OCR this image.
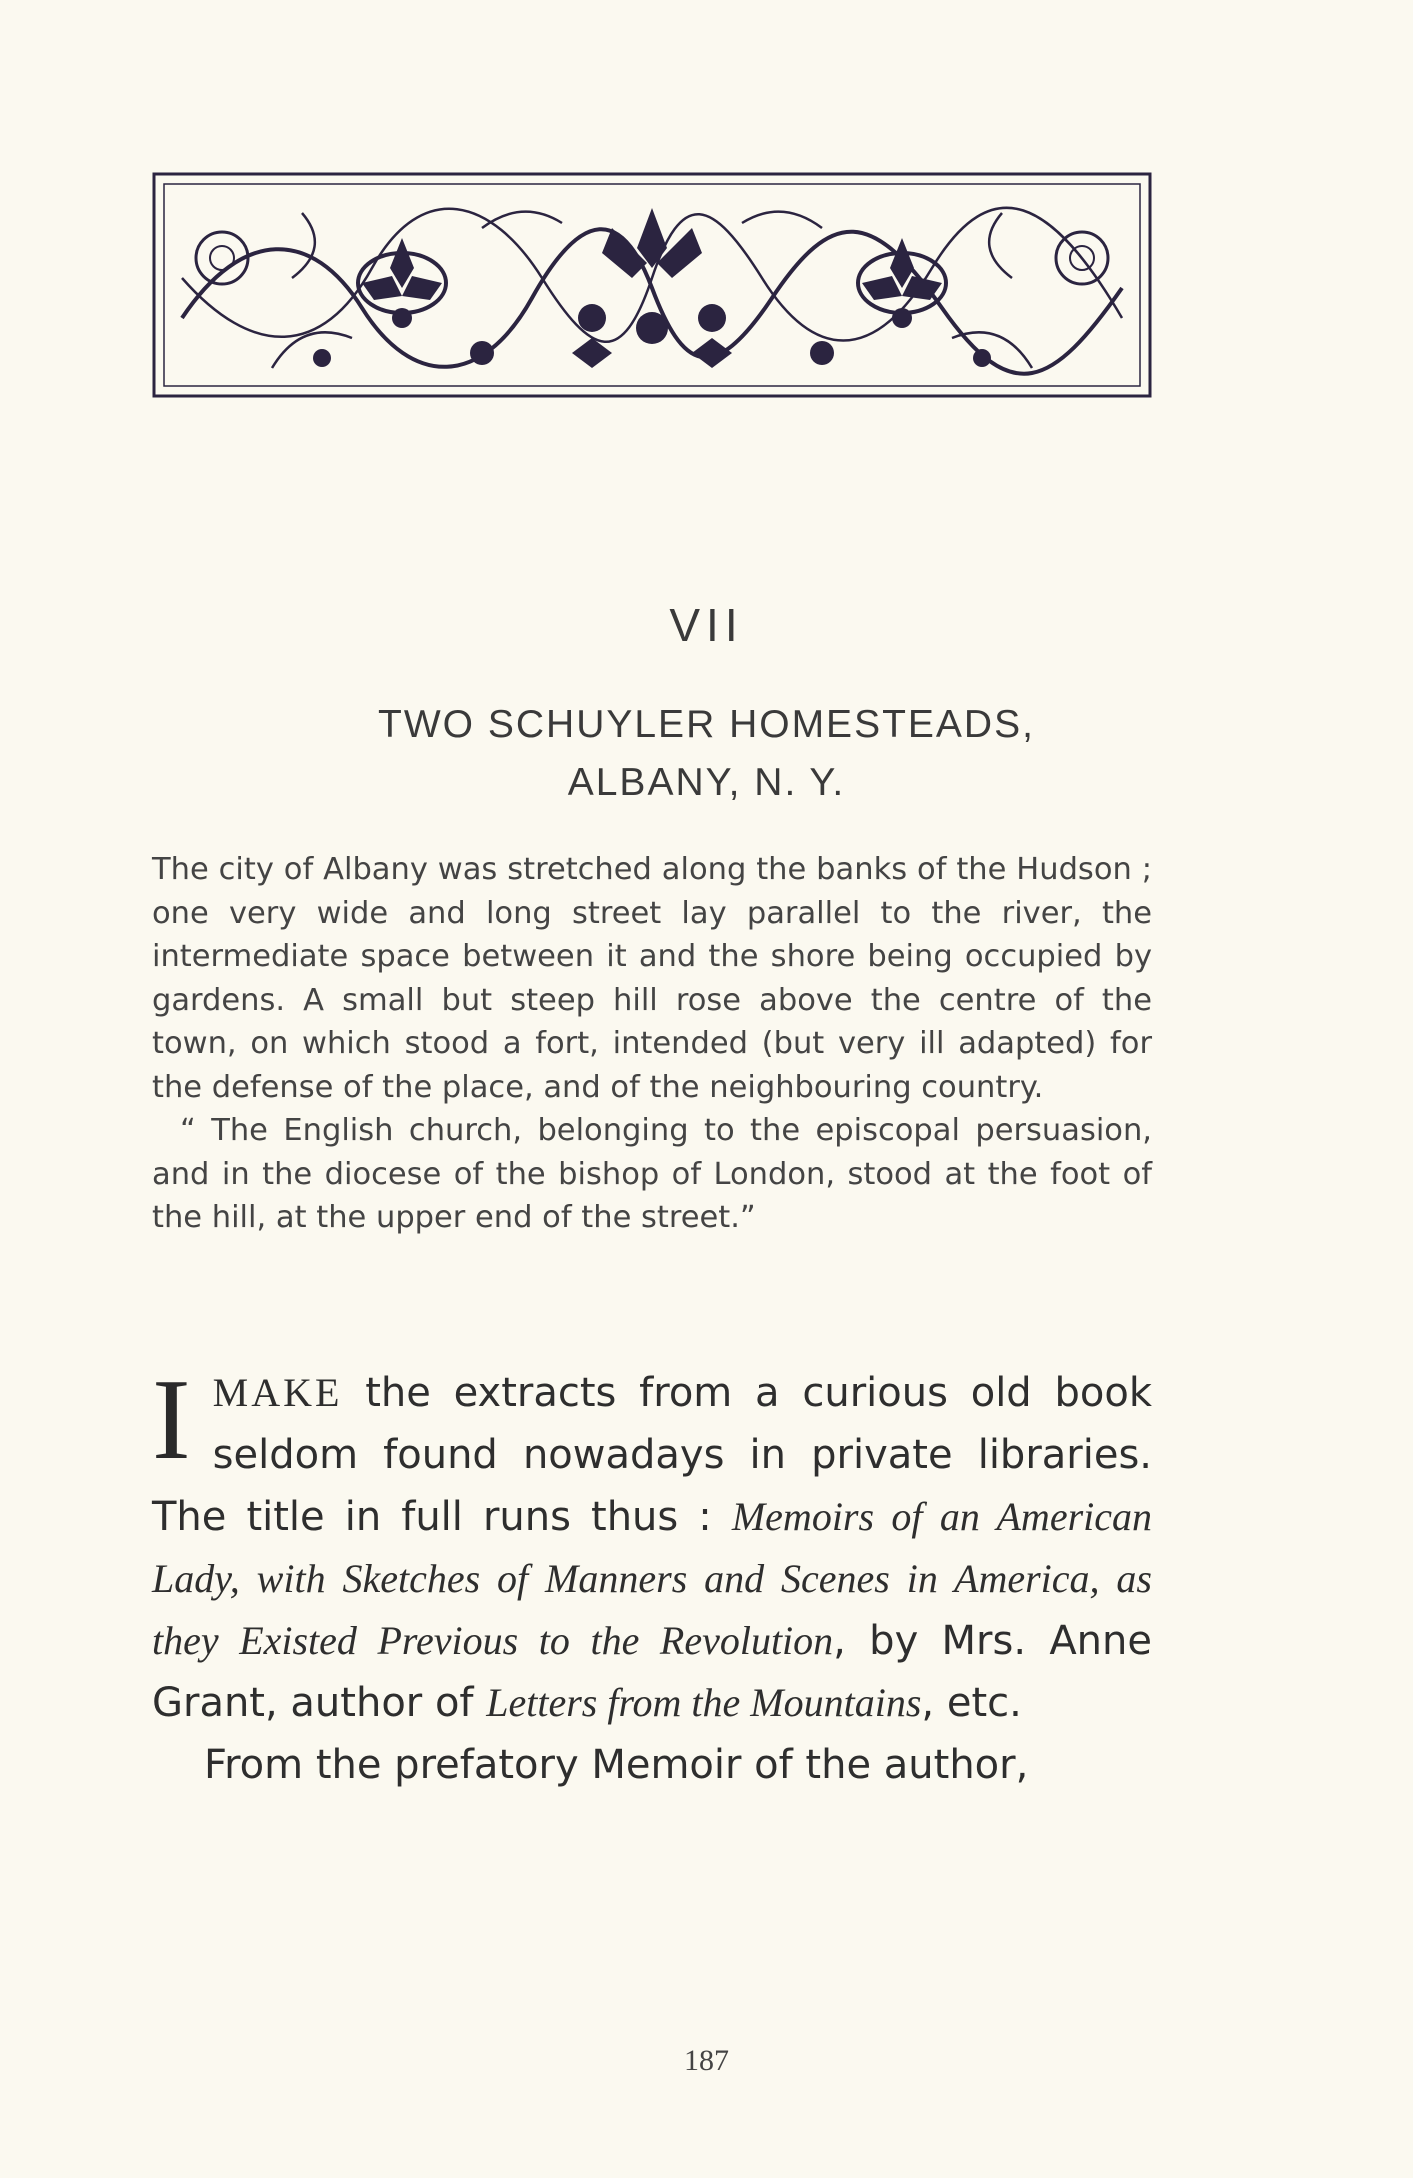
VII
TWO SCHUYLER HOMESTEADS,
ALBANY, N. Y.

The city of Albany was stretched along the banks of the Hudson ; one very wide and long street lay parallel to the river, the intermediate space between it and the shore being occupied by gardens. A small but steep hill rose above the centre of the town, on which stood a fort, intended (but very ill adapted) for the defense of the place, and of the neighbouring country.

“ The English church, belonging to the episcopal persuasion, and in the diocese of the bishop of London, stood at the foot of the hill, at the upper end of the street.”

IMAKE the extracts from a curious old book seldom found nowadays in private libraries. The title in full runs thus : Memoirs of an American Lady, with Sketches of Manners and Scenes in America, as they Existed Previous to the Revolution, by Mrs. Anne Grant, author of Letters from the Mountains, etc.

From the prefatory Memoir of the author,

187
